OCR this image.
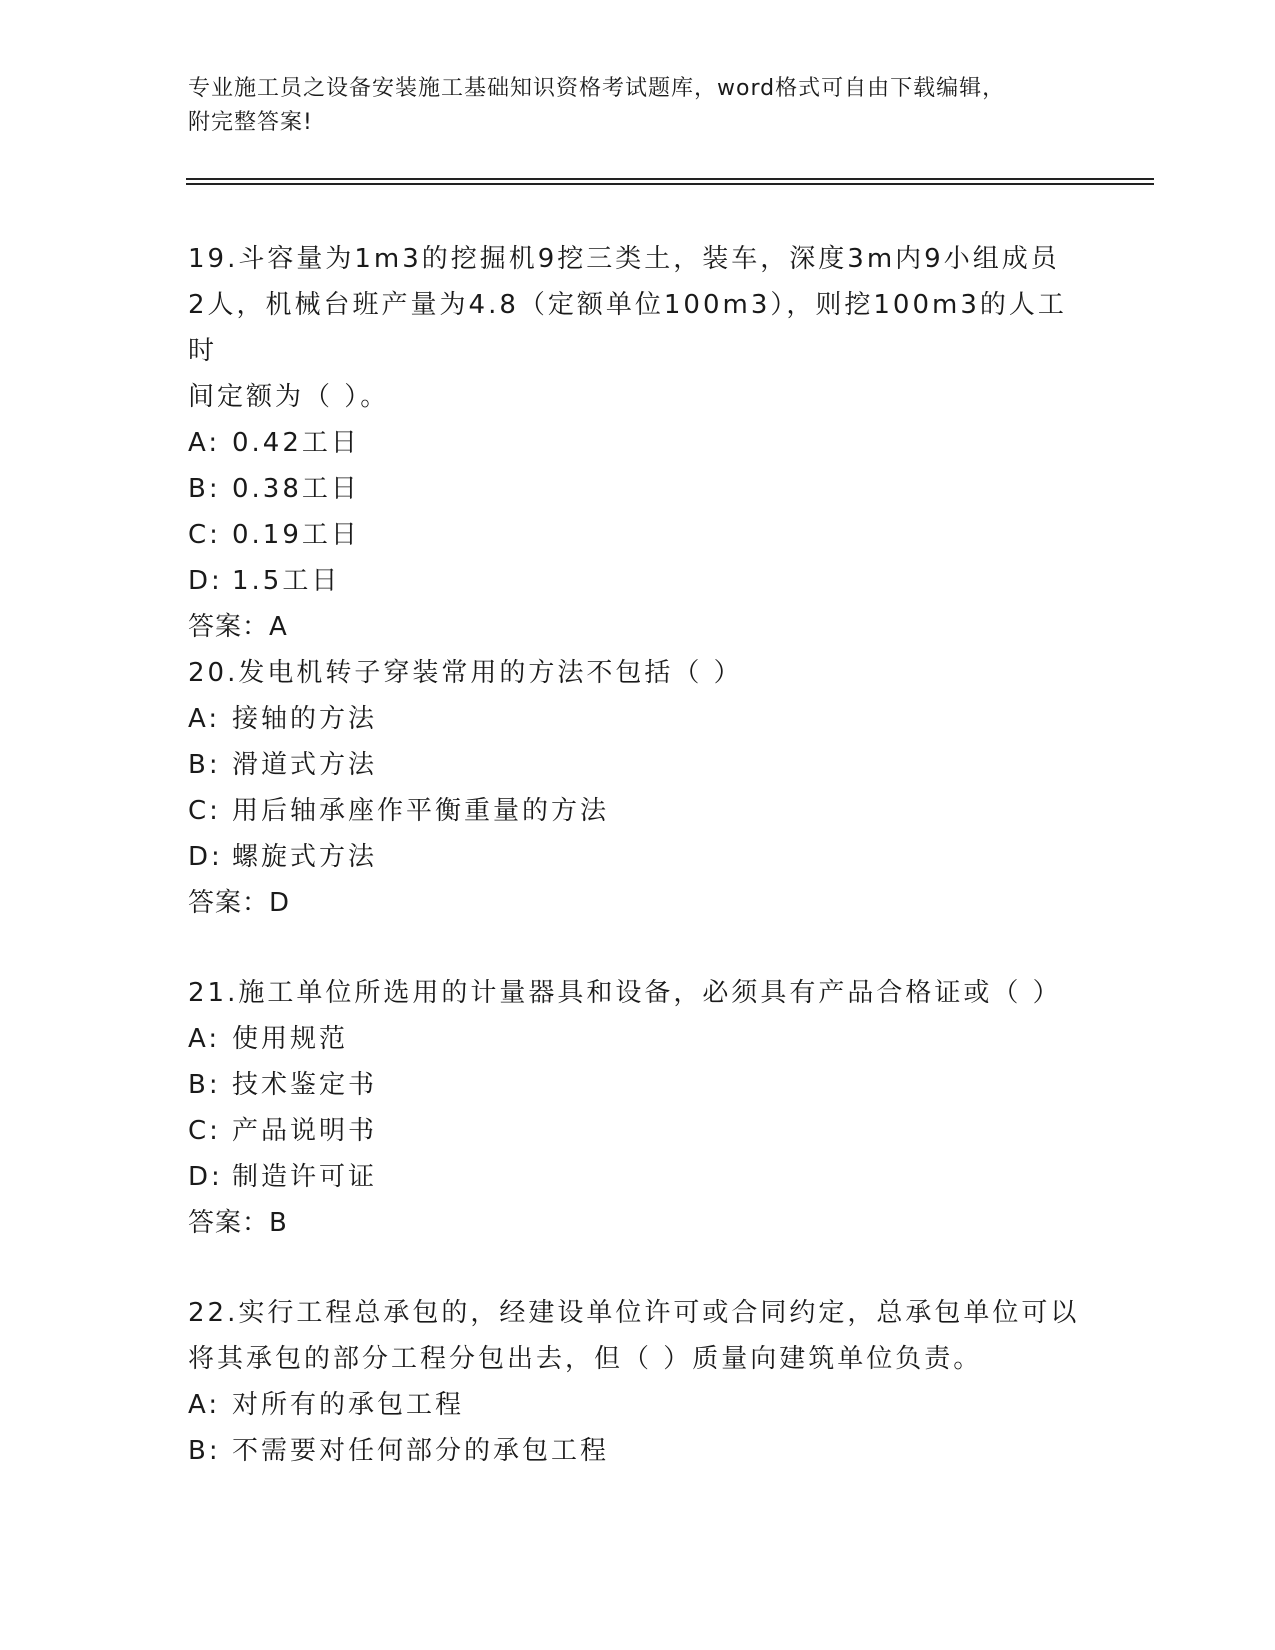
专业施工员之设备安装施工基础知识资格考试题库，word格式可自由下载编辑，
附完整答案!

19.斗容量为1m3的挖掘机9挖三类土，装车，深度3m内9小组成员

2人，机械台班产量为4.8（定额单位100m3），则挖100m3的人工时

间定额为（ ）。

A: 0.42工日

B: 0.38工日

C: 0.19工日

D: 1.5工日

答案：A

20.发电机转子穿装常用的方法不包括（ ）

A: 接轴的方法

B: 滑道式方法

C: 用后轴承座作平衡重量的方法

D: 螺旋式方法

答案：D

21.施工单位所选用的计量器具和设备，必须具有产品合格证或（ ）

A: 使用规范

B: 技术鉴定书

C: 产品说明书

D: 制造许可证

答案：B

22.实行工程总承包的，经建设单位许可或合同约定，总承包单位可以

将其承包的部分工程分包出去，但（ ）质量向建筑单位负责。

A: 对所有的承包工程

B: 不需要对任何部分的承包工程
